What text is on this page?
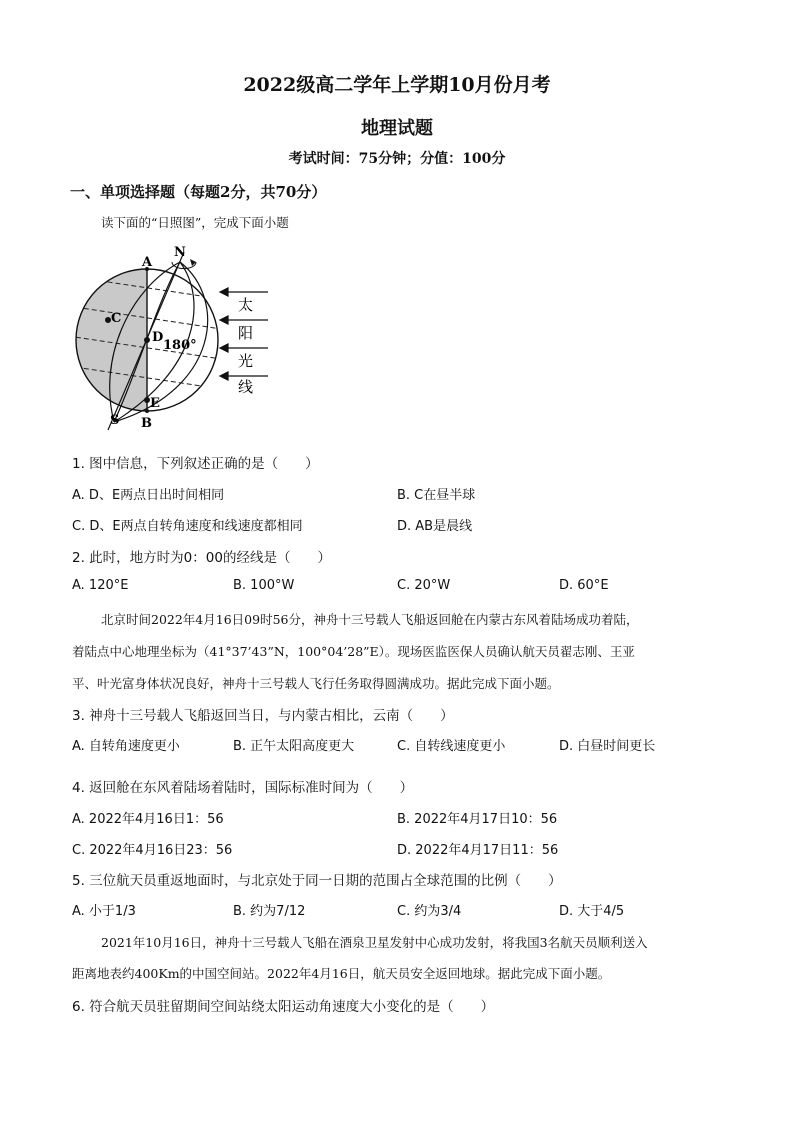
2022级高二学年上学期10月份月考
地理试题
考试时间：75分钟；分值：100分
一、单项选择题（每题2分，共70分）
读下面的“日照图”，完成下面小题
A
N
C
D
180°
S
E
B
太
阳
光
线
1. 图中信息，下列叙述正确的是（　　）
A. D、E两点日出时间相同	B. C在昼半球
C. D、E两点自转角速度和线速度都相同	D. AB是晨线
2. 此时，地方时为0：00的经线是（　　）
A. 120°E	B. 100°W	C. 20°W	D. 60°E
北京时间2022年4月16日09时56分，神舟十三号载人飞船返回舱在内蒙古东风着陆场成功着陆，
着陆点中心地理坐标为（41°37’43”N，100°04’28”E）。现场医监医保人员确认航天员翟志刚、王亚
平、叶光富身体状况良好，神舟十三号载人飞行任务取得圆满成功。据此完成下面小题。
3. 神舟十三号载人飞船返回当日，与内蒙古相比，云南（　　）
A. 自转角速度更小	B. 正午太阳高度更大	C. 自转线速度更小	D. 白昼时间更长
4. 返回舱在东风着陆场着陆时，国际标准时间为（　　）
A. 2022年4月16日1：56	B. 2022年4月17日10：56
C. 2022年4月16日23：56	D. 2022年4月17日11：56
5. 三位航天员重返地面时，与北京处于同一日期的范围占全球范围的比例（　　）
A. 小于1/3	B. 约为7/12	C. 约为3/4	D. 大于4/5
2021年10月16日，神舟十三号载人飞船在酒泉卫星发射中心成功发射，将我国3名航天员顺利送入
距离地表约400Km的中国空间站。2022年4月16日，航天员安全返回地球。据此完成下面小题。
6. 符合航天员驻留期间空间站绕太阳运动角速度大小变化的是（　　）
